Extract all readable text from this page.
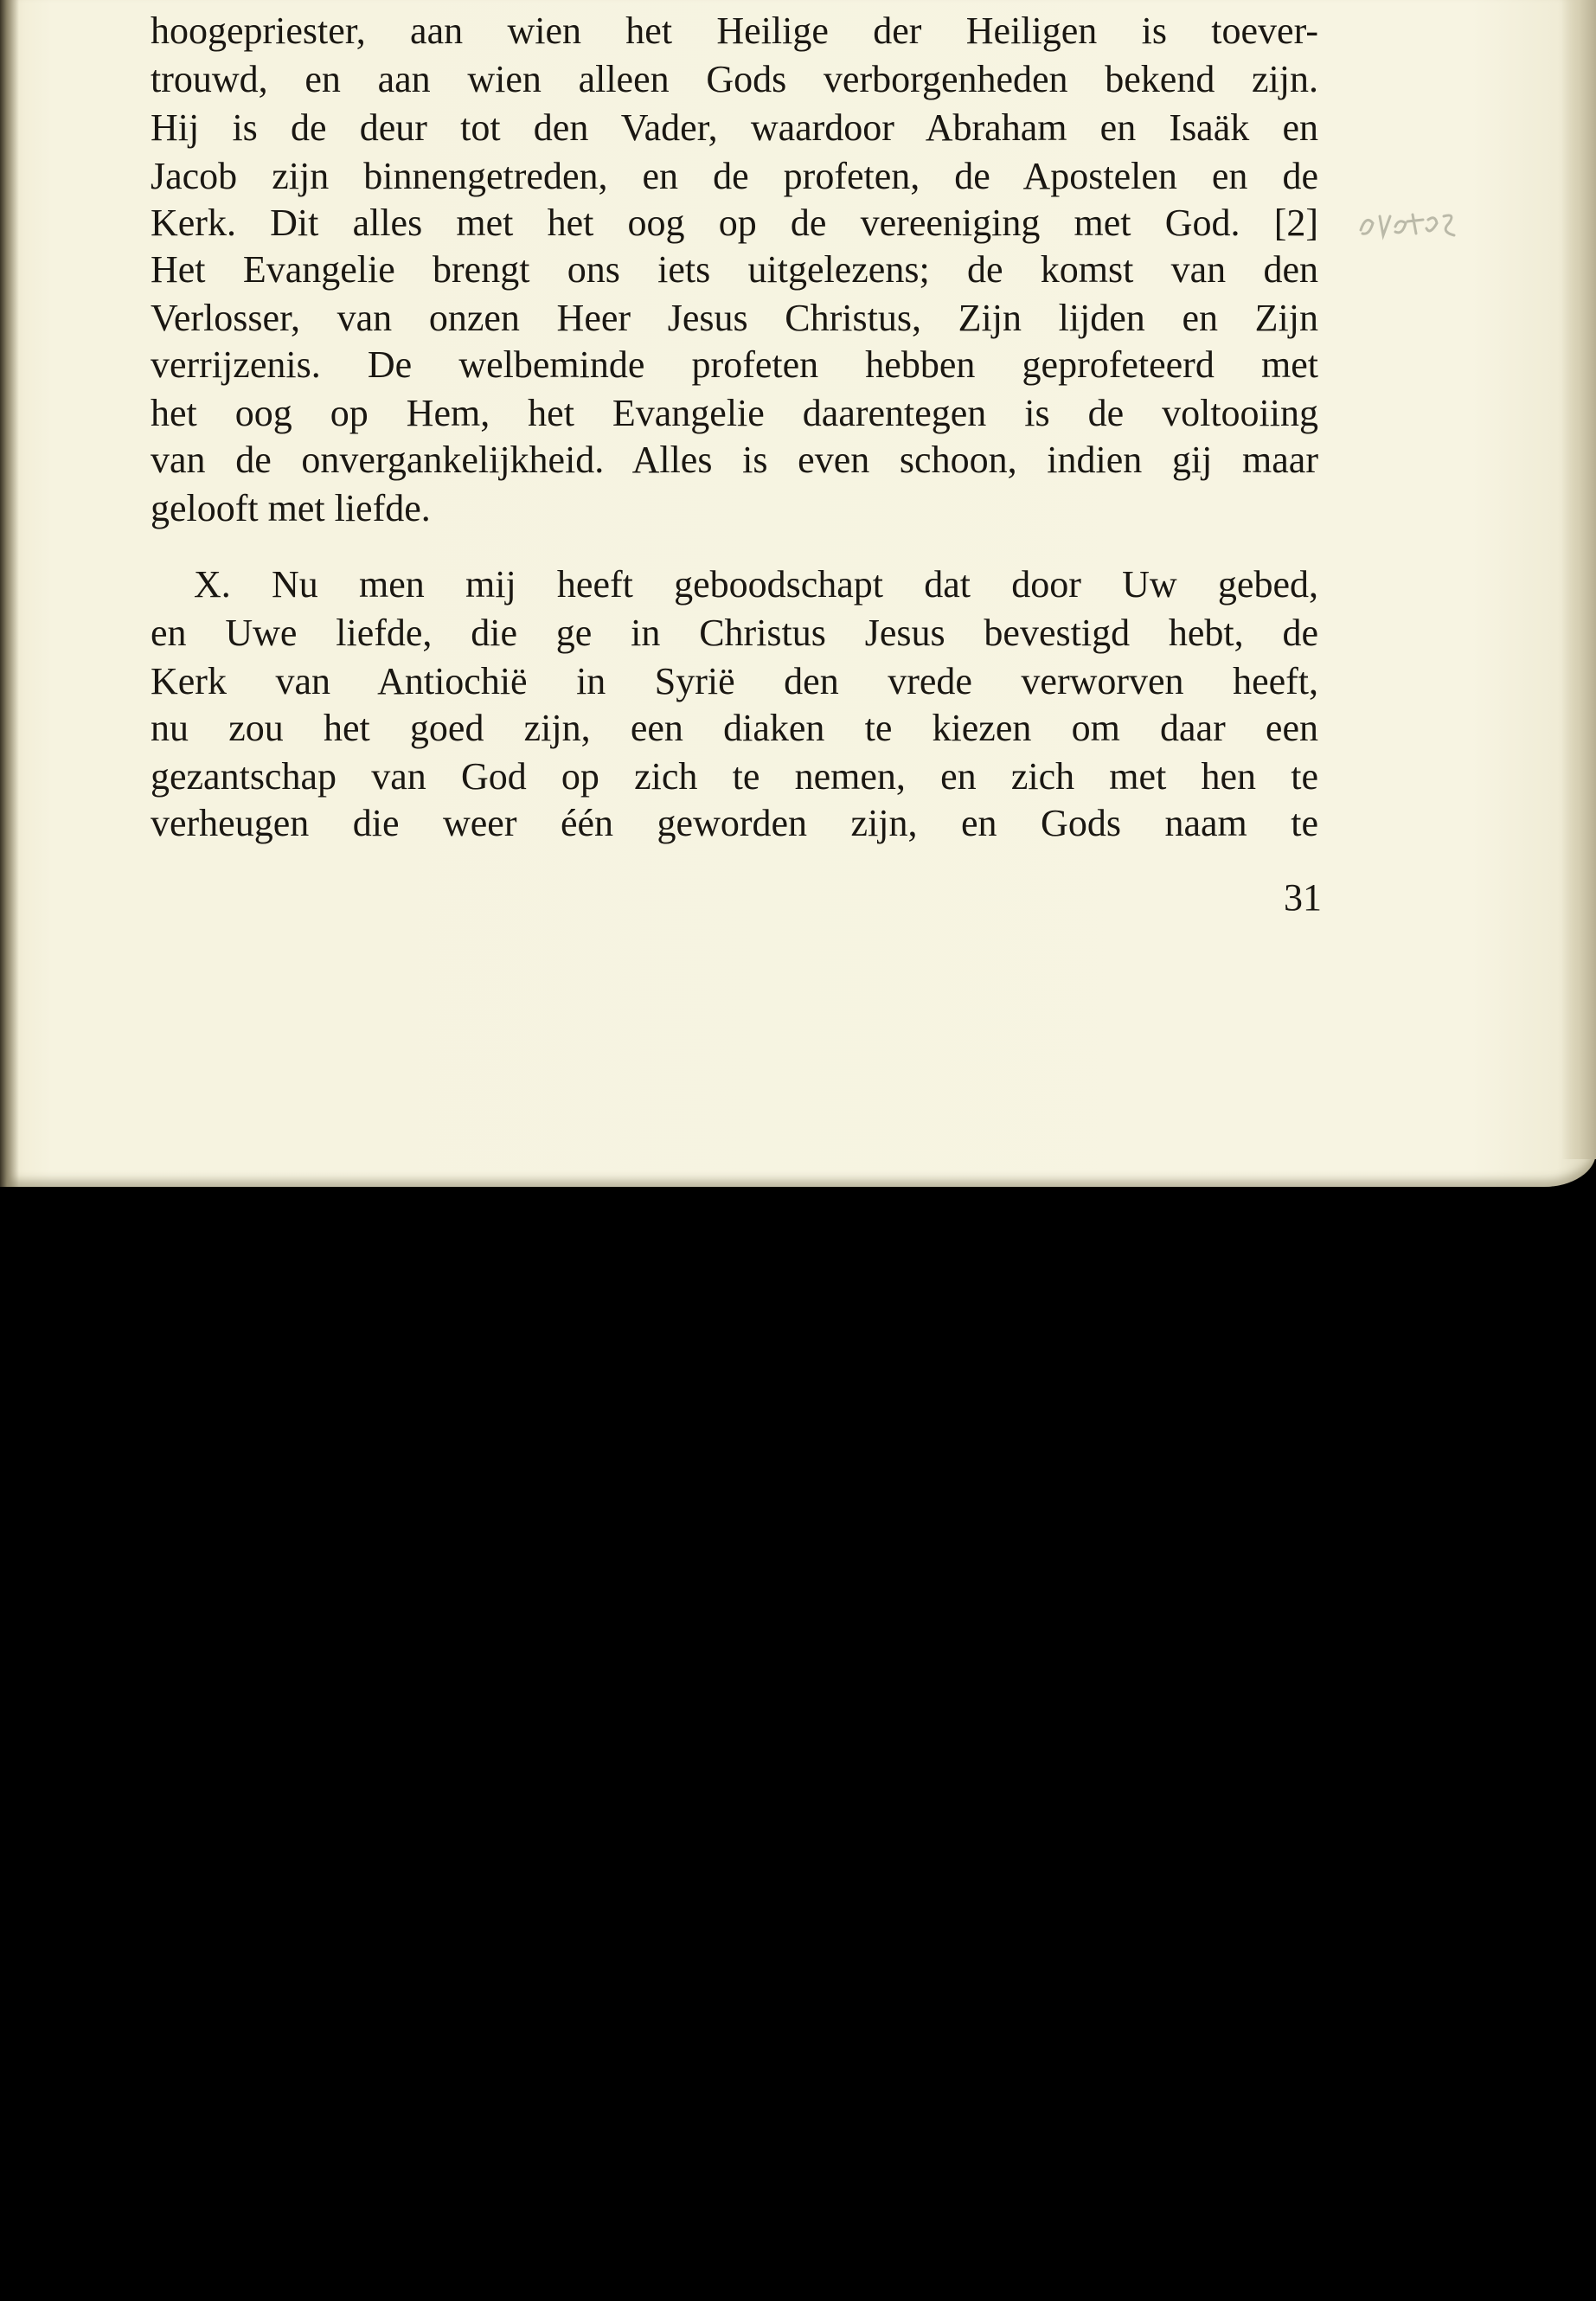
hoogepriester, aan wien het Heilige der Heiligen is toever-
trouwd, en aan wien alleen Gods verborgenheden bekend zijn.
Hij is de deur tot den Vader, waardoor Abraham en Isaäk en
Jacob zijn binnengetreden, en de profeten, de Apostelen en de
Kerk. Dit alles met het oog op de vereeniging met God. [2]
Het Evangelie brengt ons iets uitgelezens; de komst van den
Verlosser, van onzen Heer Jesus Christus, Zijn lijden en Zijn
verrijzenis. De welbeminde profeten hebben geprofeteerd met
het oog op Hem, het Evangelie daarentegen is de voltooiing
van de onvergankelijkheid. Alles is even schoon, indien gij maar
gelooft met liefde.
X. Nu men mij heeft geboodschapt dat door Uw gebed,
en Uwe liefde, die ge in Christus Jesus bevestigd hebt, de
Kerk van Antiochië in Syrië den vrede verworven heeft,
nu zou het goed zijn, een diaken te kiezen om daar een
gezantschap van God op zich te nemen, en zich met hen te
verheugen die weer één geworden zijn, en Gods naam te
31
